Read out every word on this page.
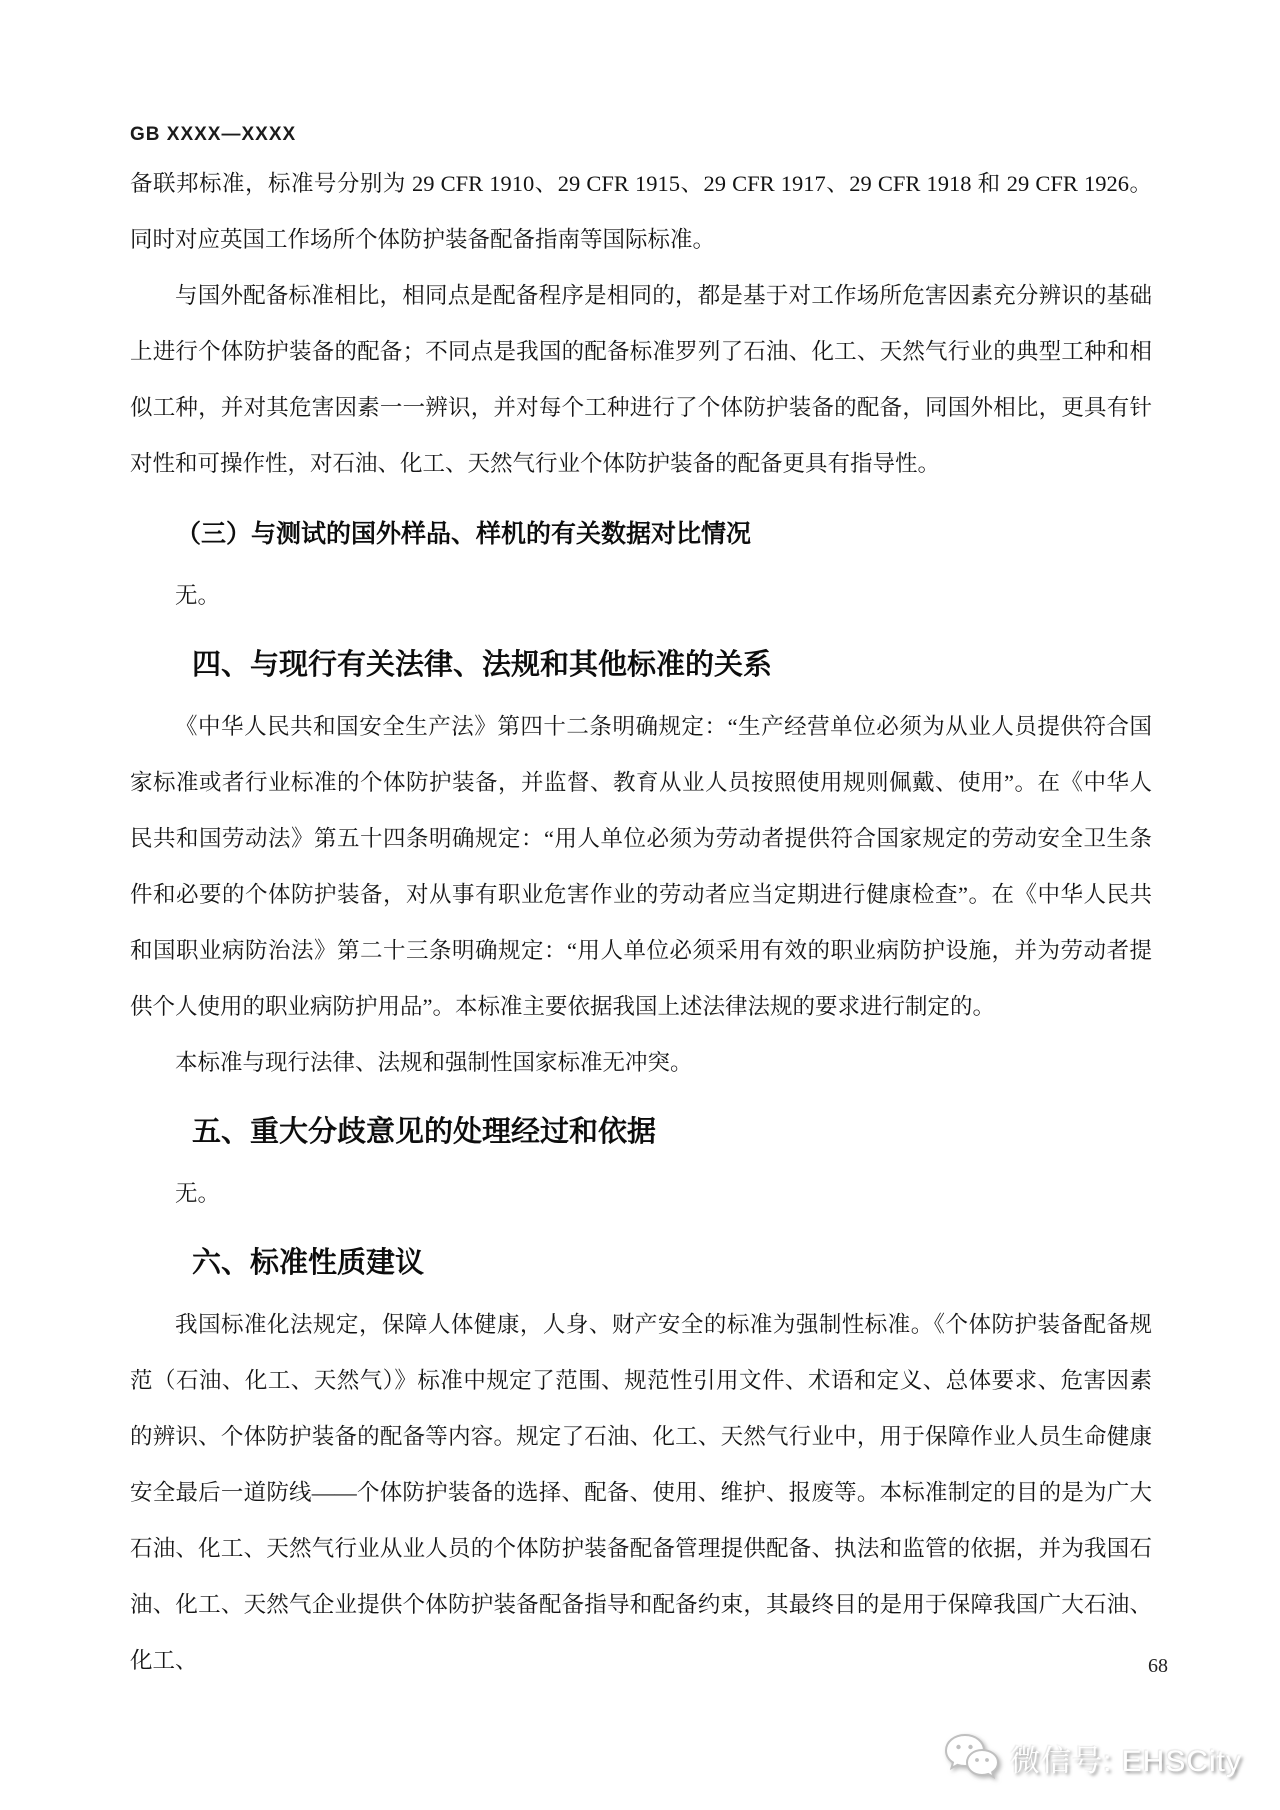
GB XXXX—XXXX

备联邦标准，标准号分别为 29 CFR 1910、29 CFR 1915、29 CFR 1917、29 CFR 1918 和 29 CFR 1926。同时对应英国工作场所个体防护装备配备指南等国际标准。

与国外配备标准相比，相同点是配备程序是相同的，都是基于对工作场所危害因素充分辨识的基础上进行个体防护装备的配备；不同点是我国的配备标准罗列了石油、化工、天然气行业的典型工种和相似工种，并对其危害因素一一辨识，并对每个工种进行了个体防护装备的配备，同国外相比，更具有针对性和可操作性，对石油、化工、天然气行业个体防护装备的配备更具有指导性。

（三）与测试的国外样品、样机的有关数据对比情况

无。

四、与现行有关法律、法规和其他标准的关系

《中华人民共和国安全生产法》第四十二条明确规定：“生产经营单位必须为从业人员提供符合国家标准或者行业标准的个体防护装备，并监督、教育从业人员按照使用规则佩戴、使用”。在《中华人民共和国劳动法》第五十四条明确规定：“用人单位必须为劳动者提供符合国家规定的劳动安全卫生条件和必要的个体防护装备，对从事有职业危害作业的劳动者应当定期进行健康检查”。在《中华人民共和国职业病防治法》第二十三条明确规定：“用人单位必须采用有效的职业病防护设施，并为劳动者提供个人使用的职业病防护用品”。本标准主要依据我国上述法律法规的要求进行制定的。

本标准与现行法律、法规和强制性国家标准无冲突。

五、重大分歧意见的处理经过和依据

无。

六、标准性质建议

我国标准化法规定，保障人体健康，人身、财产安全的标准为强制性标准。《个体防护装备配备规范（石油、化工、天然气）》标准中规定了范围、规范性引用文件、术语和定义、总体要求、危害因素的辨识、个体防护装备的配备等内容。规定了石油、化工、天然气行业中，用于保障作业人员生命健康安全最后一道防线——个体防护装备的选择、配备、使用、维护、报废等。本标准制定的目的是为广大石油、化工、天然气行业从业人员的个体防护装备配备管理提供配备、执法和监管的依据，并为我国石油、化工、天然气企业提供个体防护装备配备指导和配备约束，其最终目的是用于保障我国广大石油、化工、	68
微信号: EHSCity
